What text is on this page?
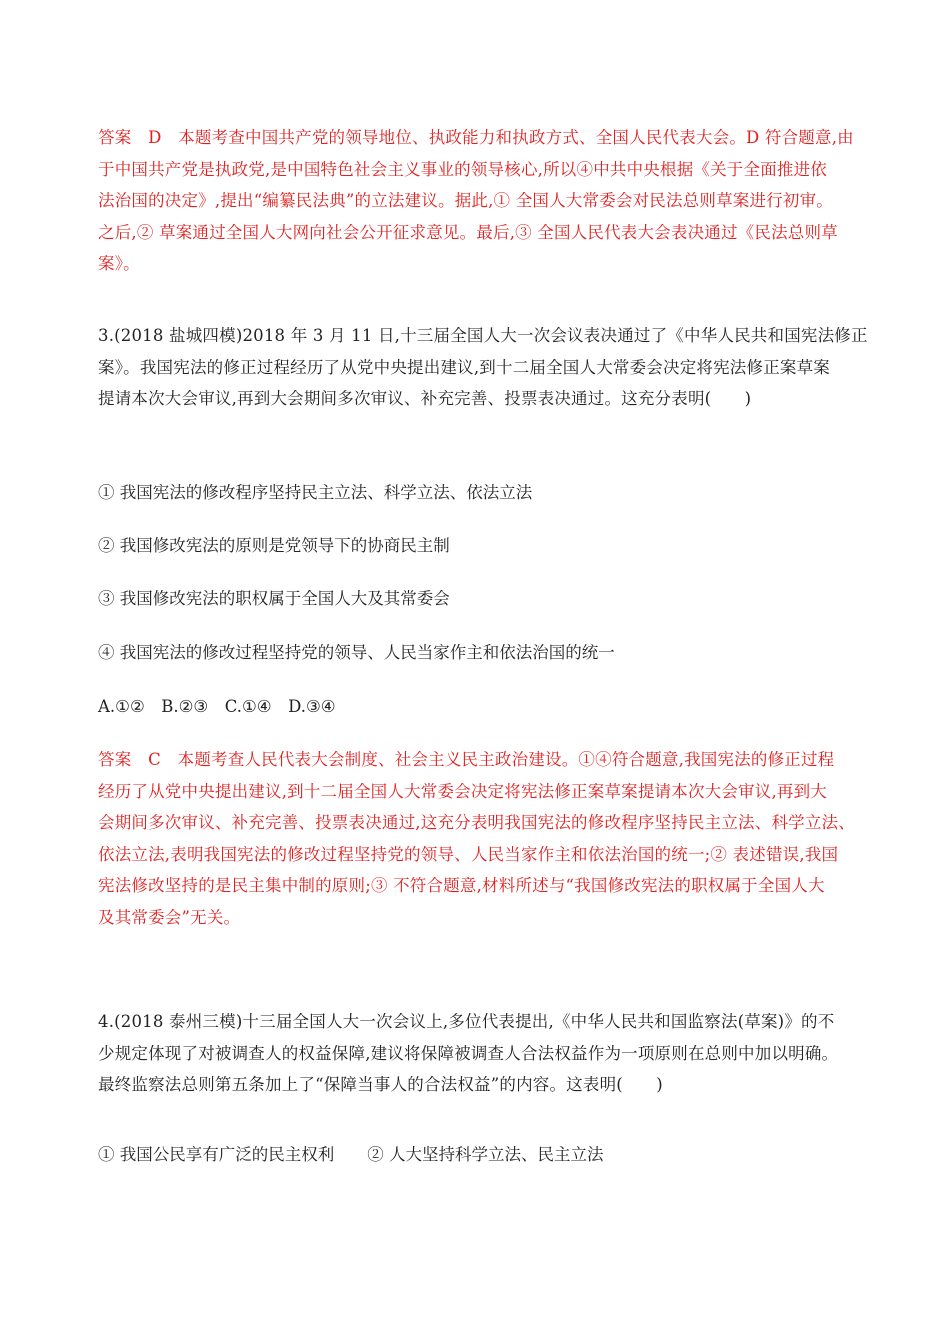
答案　D　本题考查中国共产党的领导地位、执政能力和执政方式、全国人民代表大会。D 符合题意,由
于中国共产党是执政党,是中国特色社会主义事业的领导核心,所以④中共中央根据《关于全面推进依
法治国的决定》,提出“编纂民法典”的立法建议。据此,① 全国人大常委会对民法总则草案进行初审。
之后,② 草案通过全国人大网向社会公开征求意见。最后,③ 全国人民代表大会表决通过《民法总则草
案》。
3.(2018 盐城四模)2018 年 3 月 11 日,十三届全国人大一次会议表决通过了《中华人民共和国宪法修正
案》。我国宪法的修正过程经历了从党中央提出建议,到十二届全国人大常委会决定将宪法修正案草案
提请本次大会审议,再到大会期间多次审议、补充完善、投票表决通过。这充分表明(　　)
① 我国宪法的修改程序坚持民主立法、科学立法、依法立法
② 我国修改宪法的原则是党领导下的协商民主制
③ 我国修改宪法的职权属于全国人大及其常委会
④ 我国宪法的修改过程坚持党的领导、人民当家作主和依法治国的统一
A.①②　B.②③　C.①④　D.③④
答案　C　本题考查人民代表大会制度、社会主义民主政治建设。①④符合题意,我国宪法的修正过程
经历了从党中央提出建议,到十二届全国人大常委会决定将宪法修正案草案提请本次大会审议,再到大
会期间多次审议、补充完善、投票表决通过,这充分表明我国宪法的修改程序坚持民主立法、科学立法、
依法立法,表明我国宪法的修改过程坚持党的领导、人民当家作主和依法治国的统一;② 表述错误,我国
宪法修改坚持的是民主集中制的原则;③ 不符合题意,材料所述与“我国修改宪法的职权属于全国人大
及其常委会”无关。
4.(2018 泰州三模)十三届全国人大一次会议上,多位代表提出,《中华人民共和国监察法(草案)》的不
少规定体现了对被调查人的权益保障,建议将保障被调查人合法权益作为一项原则在总则中加以明确。
最终监察法总则第五条加上了“保障当事人的合法权益”的内容。这表明(　　)
① 我国公民享有广泛的民主权利　　② 人大坚持科学立法、民主立法
